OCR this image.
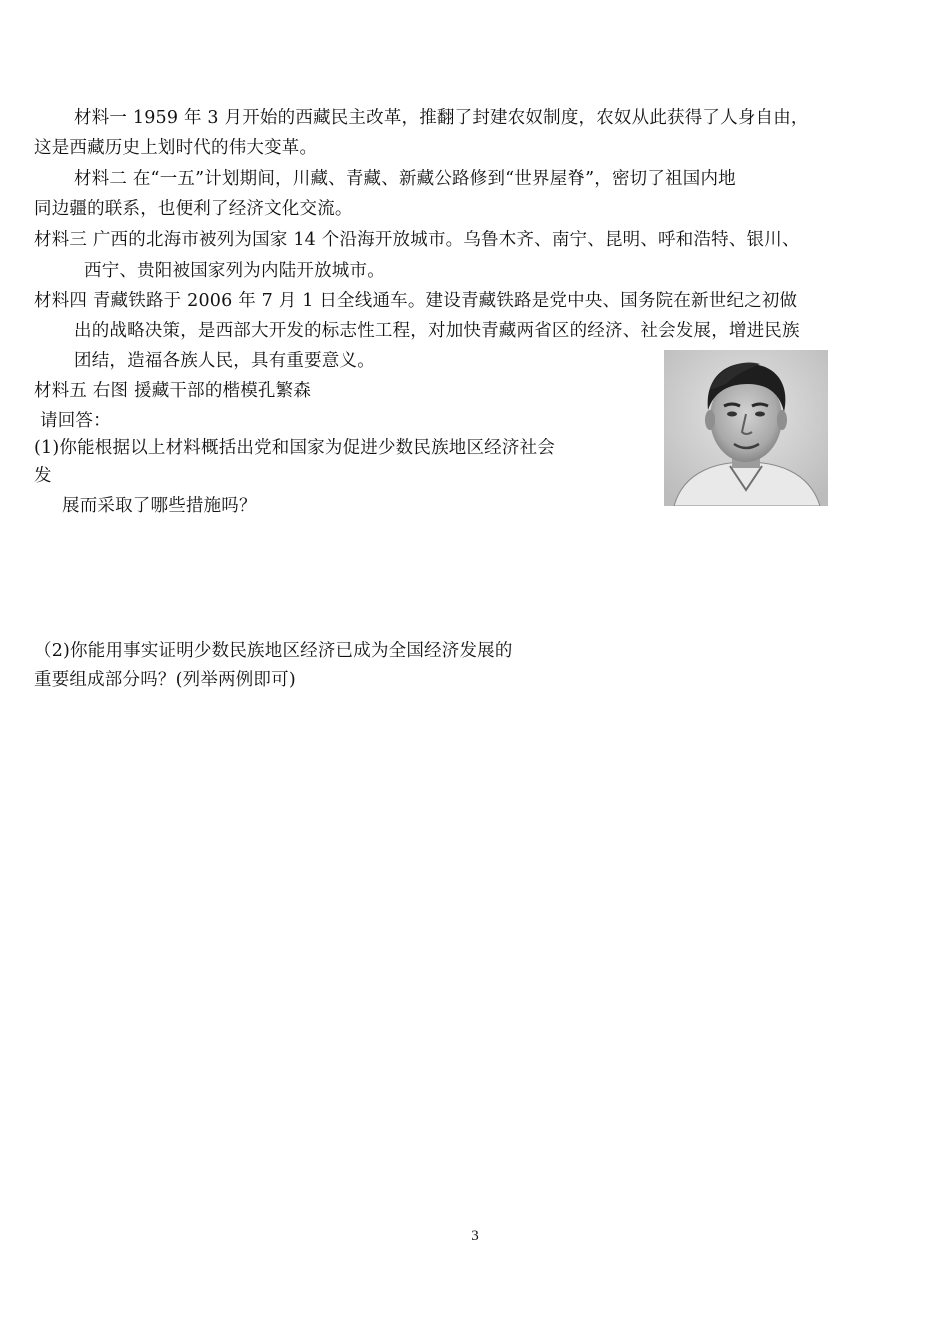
材料一 1959 年 3 月开始的西藏民主改革，推翻了封建农奴制度，农奴从此获得了人身自由，
这是西藏历史上划时代的伟大变革。
材料二 在“一五”计划期间，川藏、青藏、新藏公路修到“世界屋脊”，密切了祖国内地
同边疆的联系，也便利了经济文化交流。
材料三 广西的北海市被列为国家 14 个沿海开放城市。乌鲁木齐、南宁、昆明、呼和浩特、银川、
西宁、贵阳被国家列为内陆开放城市。
材料四 青藏铁路于 2006 年 7 月 1 日全线通车。建设青藏铁路是党中央、国务院在新世纪之初做
出的战略决策，是西部大开发的标志性工程，对加快青藏两省区的经济、社会发展，增进民族
团结，造福各族人民，具有重要意义。
材料五 右图 援藏干部的楷模孔繁森
请回答：
(1)你能根据以上材料概括出党和国家为促进少数民族地区经济社会
发
展而采取了哪些措施吗？
（2)你能用事实证明少数民族地区经济已成为全国经济发展的
重要组成部分吗？(列举两例即可)
3
